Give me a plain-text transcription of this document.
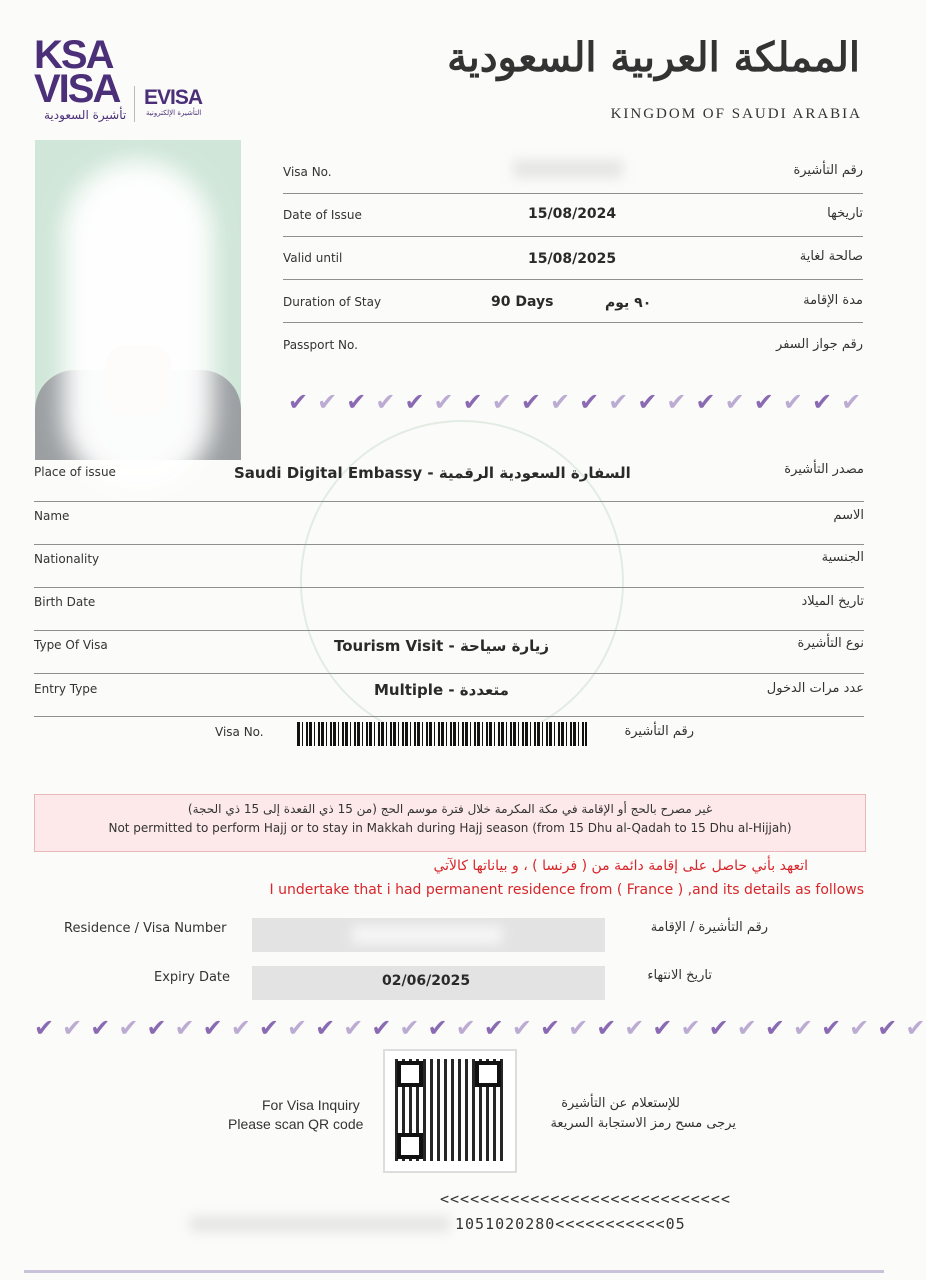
KSA VISA
تأشيرة السعودية
EVISA
التأشيرة الإلكترونية
المملكة العربية السعودية
KINGDOM OF SAUDI ARABIA
Visa No.	رقم التأشيرة
Date of Issue	15/08/2024	تاريخها
Valid until	15/08/2025	صالحة لغاية
Duration of Stay	90 Days	٩٠ يوم	مدة الإقامة
Passport No.	رقم جواز السفر
✔ ✔ ✔ ✔ ✔ ✔ ✔ ✔ ✔ ✔ ✔ ✔ ✔ ✔ ✔ ✔ ✔ ✔ ✔ ✔
Place of issue	Saudi Digital Embassy - السفارة السعودية الرقمية	مصدر التأشيرة
Name	الاسم
Nationality	الجنسية
Birth Date	تاريخ الميلاد
Type Of Visa	Tourism Visit - زيارة سياحة	نوع التأشيرة
Entry Type	Multiple - متعددة	عدد مرات الدخول
Visa No.	رقم التأشيرة
غير مصرح بالحج أو الإقامة في مكة المكرمة خلال فترة موسم الحج (من 15 ذي القعدة إلى 15 ذي الحجة)
Not permitted to perform Hajj or to stay in Makkah during Hajj season (from 15 Dhu al-Qadah to 15 Dhu al-Hijjah)
اتعهد بأني حاصل على إقامة دائمة من ( فرنسا ) ، و بياناتها كالآتي
I undertake that i had permanent residence from ( France ) ,and its details as follows
Residence / Visa Number	رقم التأشيرة / الإقامة
Expiry Date	02/06/2025	تاريخ الانتهاء
✔ ✔ ✔ ✔ ✔ ✔ ✔ ✔ ✔ ✔ ✔ ✔ ✔ ✔ ✔ ✔ ✔ ✔ ✔ ✔ ✔ ✔ ✔ ✔ ✔ ✔ ✔ ✔ ✔ ✔ ✔ ✔
For Visa Inquiry
Please scan QR code
للإستعلام عن التأشيرة
يرجى مسح رمز الاستجابة السريعة
<<<<<<<<<<<<<<<<<<<<<<<<<<<<<
1051020280<<<<<<<<<<<05
